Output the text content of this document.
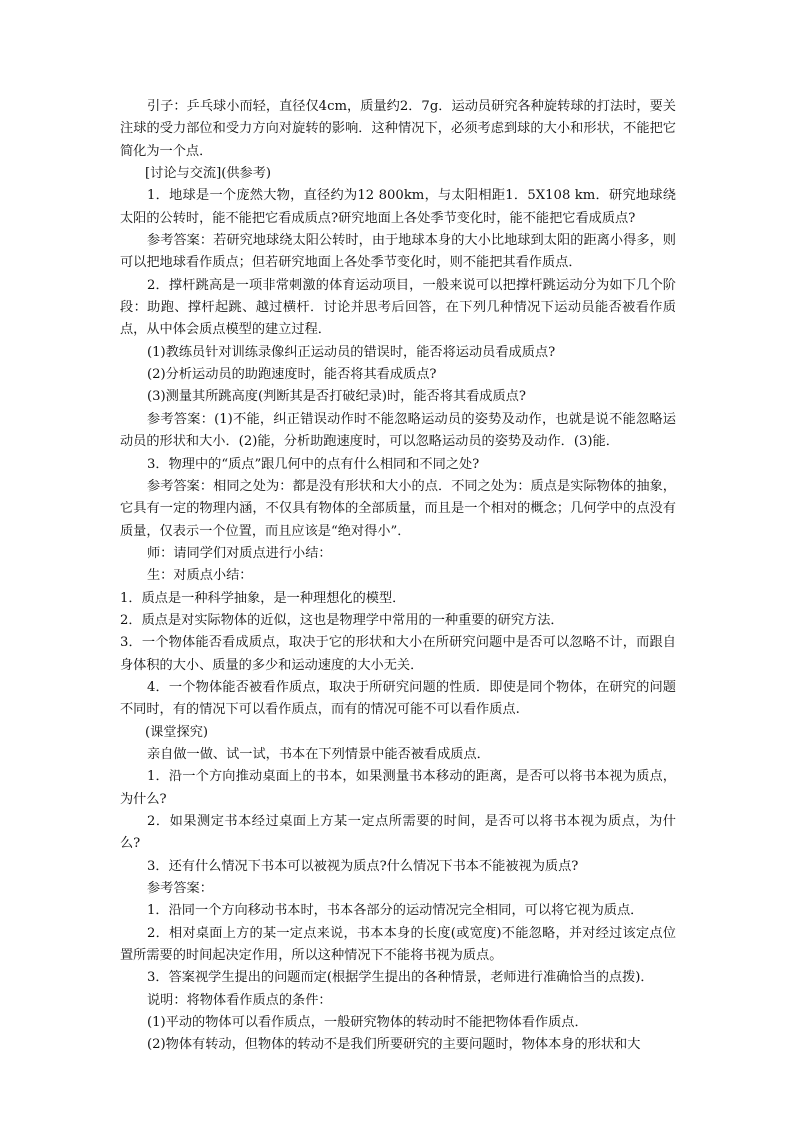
引子：乒乓球小而轻，直径仅4cm，质量约2．7g．运动员研究各种旋转球的打法时，要关注球的受力部位和受力方向对旋转的影响．这种情况下，必须考虑到球的大小和形状，不能把它简化为一个点．

[讨论与交流](供参考)

1．地球是一个庞然大物，直径约为12 800km，与太阳相距1．5X108 km．研究地球绕太阳的公转时，能不能把它看成质点?研究地面上各处季节变化时，能不能把它看成质点?

参考答案：若研究地球绕太阳公转时，由于地球本身的大小比地球到太阳的距离小得多，则可以把地球看作质点；但若研究地面上各处季节变化时，则不能把其看作质点．

2．撑杆跳高是一项非常刺激的体育运动项目，一般来说可以把撑杆跳运动分为如下几个阶段：助跑、撑杆起跳、越过横杆．讨论并思考后回答，在下列几种情况下运动员能否被看作质点，从中体会质点模型的建立过程．

(1)教练员针对训练录像纠正运动员的错误时，能否将运动员看成质点?

(2)分析运动员的助跑速度时，能否将其看成质点?

(3)测量其所跳高度(判断其是否打破纪录)时，能否将其看成质点?

参考答案：(1)不能，纠正错误动作时不能忽略运动员的姿势及动作，也就是说不能忽略运动员的形状和大小．(2)能，分析助跑速度时，可以忽略运动员的姿势及动作．(3)能．

3．物理中的“质点”跟几何中的点有什么相同和不同之处?

参考答案：相同之处为：都是没有形状和大小的点．不同之处为：质点是实际物体的抽象，它具有一定的物理内涵，不仅具有物体的全部质量，而且是一个相对的概念；几何学中的点没有质量，仅表示一个位置，而且应该是“绝对得小”．

师：请同学们对质点进行小结：

生：对质点小结：

1．质点是一种科学抽象，是一种理想化的模型．

2．质点是对实际物体的近似，这也是物理学中常用的一种重要的研究方法．

3．一个物体能否看成质点，取决于它的形状和大小在所研究问题中是否可以忽略不计，而跟自身体积的大小、质量的多少和运动速度的大小无关．

4．一个物体能否被看作质点，取决于所研究问题的性质．即使是同个物体，在研究的问题不同时，有的情况下可以看作质点，而有的情况可能不可以看作质点.

(课堂探究)

亲自做一做、试一试，书本在下列情景中能否被看成质点．

1．沿一个方向推动桌面上的书本，如果测量书本移动的距离，是否可以将书本视为质点，为什么?

2．如果测定书本经过桌面上方某一定点所需要的时间，是否可以将书本视为质点，为什么?

3．还有什么情况下书本可以被视为质点?什么情况下书本不能被视为质点?

参考答案：

1．沿同一个方向移动书本时，书本各部分的运动情况完全相同，可以将它视为质点．

2．相对桌面上方的某一定点来说，书本本身的长度(或宽度)不能忽略，并对经过该定点位置所需要的时间起决定作用，所以这种情况下不能将书视为质点。

3．答案视学生提出的问题而定(根据学生提出的各种情景，老师进行准确恰当的点拨)．

说明：将物体看作质点的条件：

(1)平动的物体可以看作质点，一般研究物体的转动时不能把物体看作质点．

(2)物体有转动，但物体的转动不是我们所要研究的主要问题时，物体本身的形状和大
